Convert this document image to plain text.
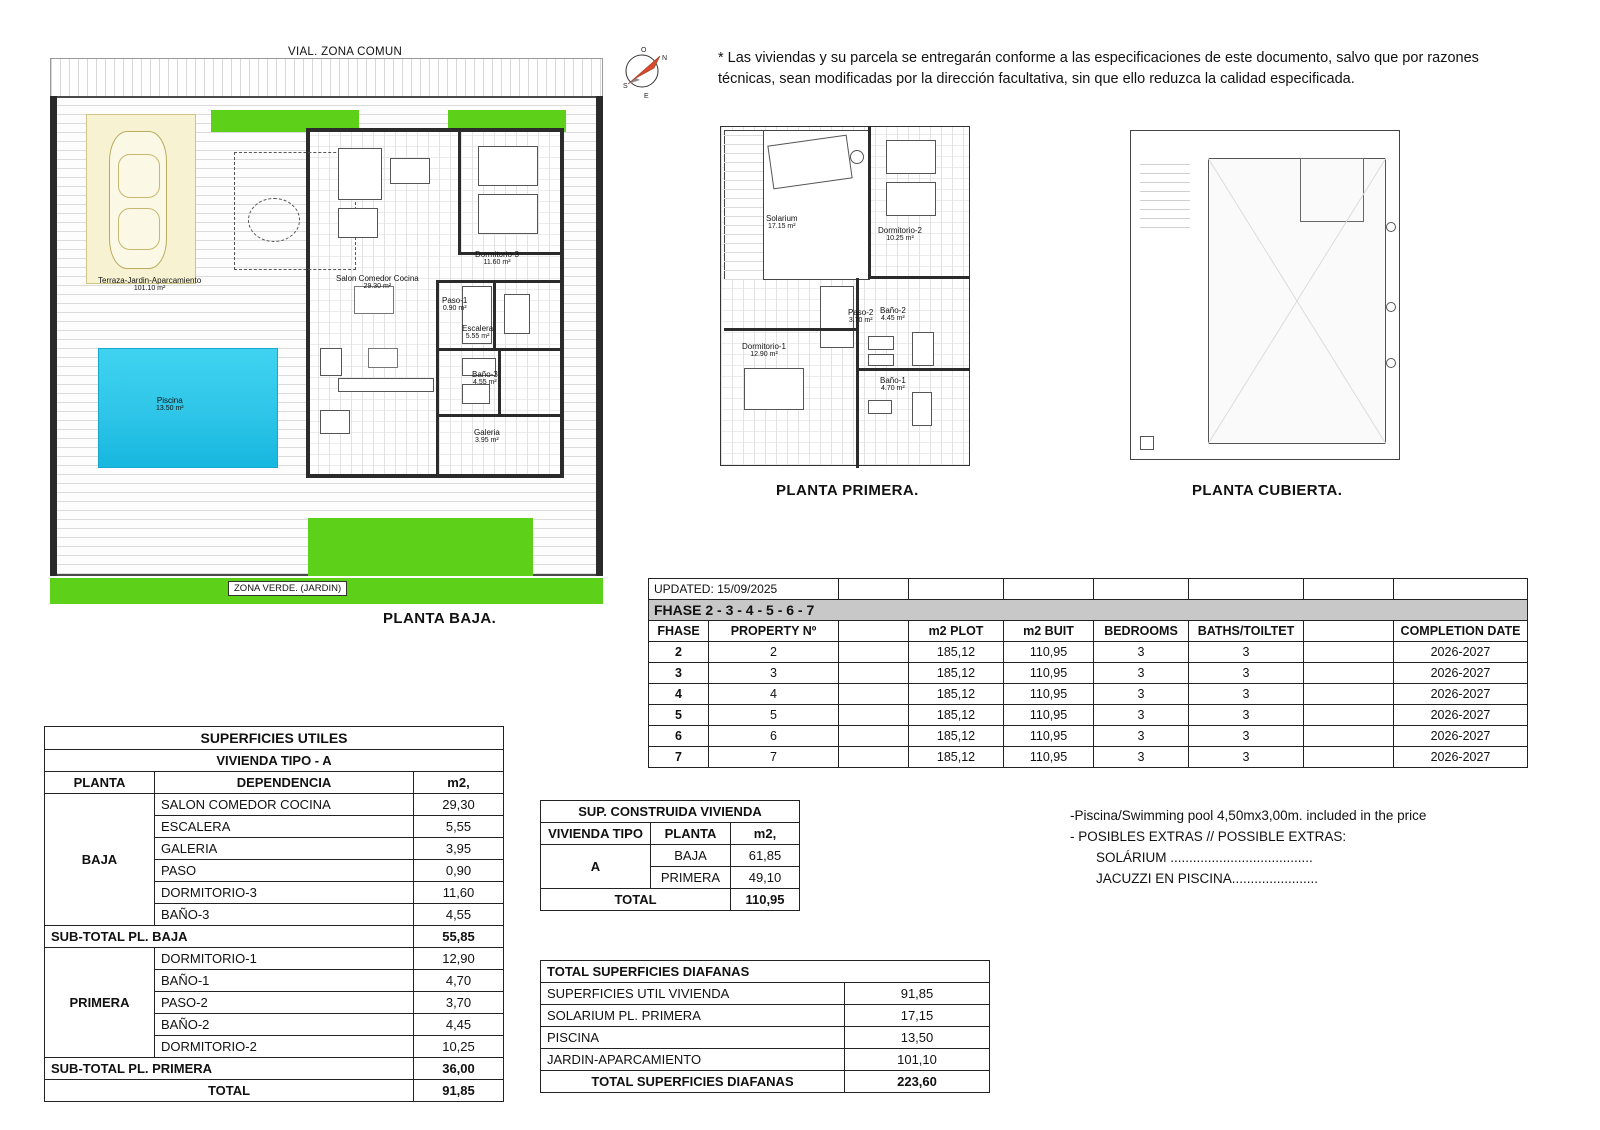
* Las viviendas y su parcela se entregarán conforme a las especificaciones de este documento, salvo que por razones técnicas, sean modificadas por la dirección facultativa, sin que ello reduzca la calidad especificada.
O
N
S
E
VIAL. ZONA COMUN
Piscina
13.50 m²
Terraza-Jardin-Aparcamiento
101.10 m²
Salon Comedor Cocina
29.30 m²
Dormitorio-3
11.60 m²
Paso-1
0.90 m²
Escalera
5.55 m²
Baño-3
4.55 m²
Galeria
3.95 m²
ZONA VERDE. (JARDIN)
PLANTA BAJA.
Solarium
17.15 m²	Dormitorio-2
10.25 m²
Paso-2
3.70 m²
Dormitorio-1
12.90 m²
Baño-2
4.45 m²
Baño-1
4.70 m²
PLANTA PRIMERA.	PLANTA CUBIERTA.
UPDATED: 15/09/2025								
FHASE 2 - 3 - 4 - 5 - 6 - 7								
FHASE	PROPERTY Nº		m2 PLOT	m2 BUIT	BEDROOMS	BATHS/TOILTET		COMPLETION DATE
2	2		185,12	110,95	3	3		2026-2027
3	3		185,12	110,95	3	3		2026-2027
4	4		185,12	110,95	3	3		2026-2027
5	5		185,12	110,95	3	3		2026-2027
6	6		185,12	110,95	3	3		2026-2027
7	7		185,12	110,95	3	3		2026-2027
-Piscina/Swimming pool 4,50mx3,00m. included in the price
- POSIBLES EXTRAS // POSSIBLE EXTRAS:
SOLÁRIUM ......................................
JACUZZI EN PISCINA.......................
SUPERFICIES UTILES		
VIVIENDA TIPO - A		
PLANTA	DEPENDENCIA	m2,
BAJA	SALON COMEDOR COCINA	29,30
	ESCALERA	5,55
	GALERIA	3,95
	PASO	0,90
	DORMITORIO-3	11,60
	BAÑO-3	4,55
SUB-TOTAL PL. BAJA		55,85
PRIMERA	DORMITORIO-1	12,90
	BAÑO-1	4,70
	PASO-2	3,70
	BAÑO-2	4,45
	DORMITORIO-2	10,25
SUB-TOTAL PL. PRIMERA		36,00
TOTAL		91,85
SUP. CONSTRUIDA VIVIENDA		
VIVIENDA TIPO	PLANTA	m2,
A	BAJA	61,85
	PRIMERA	49,10
TOTAL		110,95
TOTAL SUPERFICIES DIAFANAS	
SUPERFICIES UTIL VIVIENDA	91,85
SOLARIUM PL. PRIMERA	17,15
PISCINA	13,50
JARDIN-APARCAMIENTO	101,10
TOTAL SUPERFICIES DIAFANAS	223,60
